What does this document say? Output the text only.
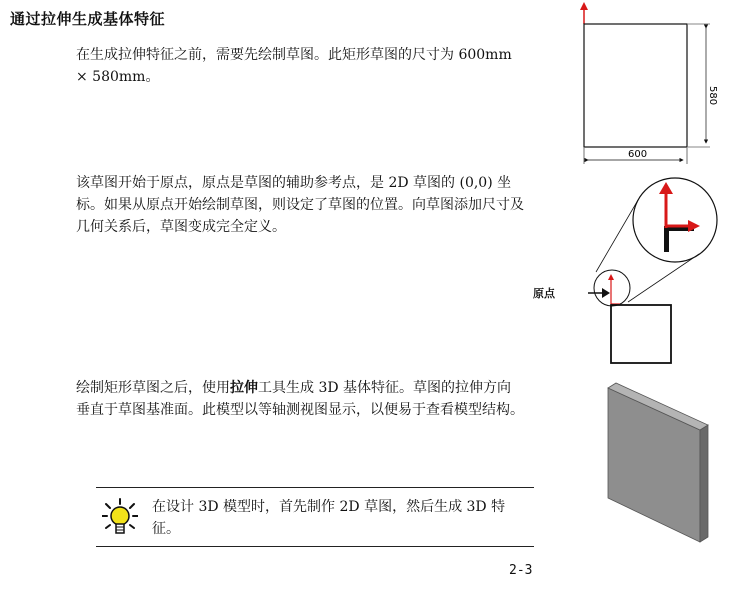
通过拉伸生成基体特征
在生成拉伸特征之前，需要先绘制草图。此矩形草图的尺寸为 600mm × 580mm。
该草图开始于原点，原点是草图的辅助参考点，是 2D 草图的 (0,0) 坐标。如果从原点开始绘制草图，则设定了草图的位置。向草图添加尺寸及几何关系后，草图变成完全定义。
绘制矩形草图之后，使用拉伸工具生成 3D 基体特征。草图的拉伸方向垂直于草图基准面。此模型以等轴测视图显示，以便易于查看模型结构。
在设计 3D 模型时，首先制作 2D 草图，然后生成 3D 特征。
2-3
580
600
原点
